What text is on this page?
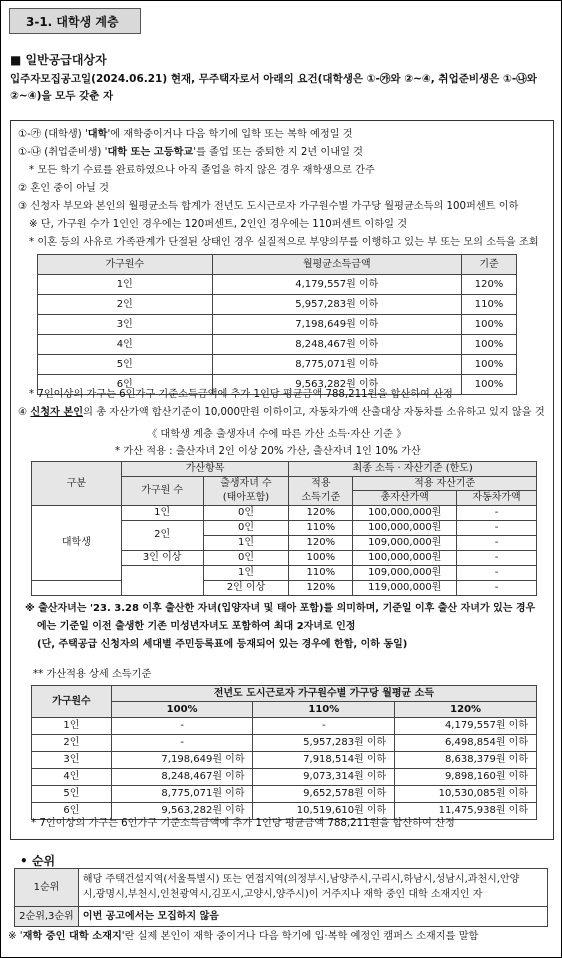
3-1. 대학생 계층
■ 일반공급대상자
입주자모집공고일(2024.06.21) 현재, 무주택자로서 아래의 요건(대학생은 ①-㉮와 ②~④, 취업준비생은 ①-㉯와 ②~④)을 모두 갖춘 자
①-㉮ (대학생) '대학'에 재학중이거나 다음 학기에 입학 또는 복학 예정일 것
①-㉯ (취업준비생) '대학 또는 고등학교'를 졸업 또는 중퇴한 지 2년 이내일 것
* 모든 학기 수료를 완료하였으나 아직 졸업을 하지 않은 경우 재학생으로 간주
② 혼인 중이 아닐 것
③ 신청자 부모와 본인의 월평균소득 합계가 전년도 도시근로자 가구원수별 가구당 월평균소득의 100퍼센트 이하
※ 단, 가구원 수가 1인인 경우에는 120퍼센트, 2인인 경우에는 110퍼센트 이하일 것
* 이혼 등의 사유로 가족관계가 단절된 상태인 경우 실질적으로 부양의무를 이행하고 있는 부 또는 모의 소득을 조회
가구원수	월평균소득금액	기준
1인	4,179,557원 이하	120%
2인	5,957,283원 이하	110%
3인	7,198,649원 이하	100%
4인	8,248,467원 이하	100%
5인	8,775,071원 이하	100%
6인	9,563,282원 이하	100%
* 7인이상의 가구는 6인가구 기준소득금액에 추가 1인당 평균금액 788,211원을 합산하여 산정
④ 신청자 본인의 총 자산가액 합산기준이 10,000만원 이하이고, 자동차가액 산출대상 자동차를 소유하고 있지 않을 것
《 대학생 계층 출생자녀 수에 따른 가산 소득·자산 기준 》
* 가산 적용 : 출산자녀 2인 이상 20% 가산, 출산자녀 1인 10% 가산
구분	가산항목		최종 소득 · 자산기준 (한도)		
	가구원 수	출생자녀 수
(태아포함)	적용
소득기준	적용 자산기준	
				총자산가액	자동차가액
대학생	1인	0인	120%	100,000,000원	-
	2인	0인	110%	100,000,000원	-
		1인	120%	109,000,000원	-
	3인 이상	0인	100%	100,000,000원	-
		1인	110%	109,000,000원	-
		2인 이상	120%	119,000,000원	-
※ 출산자녀는 '23. 3.28 이후 출산한 자녀(입양자녀 및 태아 포함)를 의미하며, 기준일 이후 출산 자녀가 있는 경우
에는 기준일 이전 출생한 기존 미성년자녀도 포함하여 최대 2자녀로 인정
(단, 주택공급 신청자의 세대별 주민등록표에 등재되어 있는 경우에 한함, 이하 동일)
** 가산적용 상세 소득기준
가구원수	전년도 도시근로자 가구원수별 가구당 월평균 소득		
	100%	110%	120%
1인	-	-	4,179,557원 이하
2인	-	5,957,283원 이하	6,498,854원 이하
3인	7,198,649원 이하	7,918,514원 이하	8,638,379원 이하
4인	8,248,467원 이하	9,073,314원 이하	9,898,160원 이하
5인	8,775,071원 이하	9,652,578원 이하	10,530,085원 이하
6인	9,563,282원 이하	10,519,610원 이하	11,475,938원 이하
* 7인이상의 가구는 6인가구 기준소득금액에 추가 1인당 평균금액 788,211원을 합산하여 산정
• 순위
1순위	해당 주택건설지역(서울특별시) 또는 연접지역(의정부시,남양주시,구리시,하남시,성남시,과천시,안양
시,광명시,부천시,인천광역시,김포시,고양시,양주시)이 거주지나 재학 중인 대학 소재지인 자
2순위,3순위	이번 공고에서는 모집하지 않음
※ '재학 중인 대학 소재지'란 실제 본인이 재학 중이거나 다음 학기에 입·복학 예정인 캠퍼스 소재지를 말함
